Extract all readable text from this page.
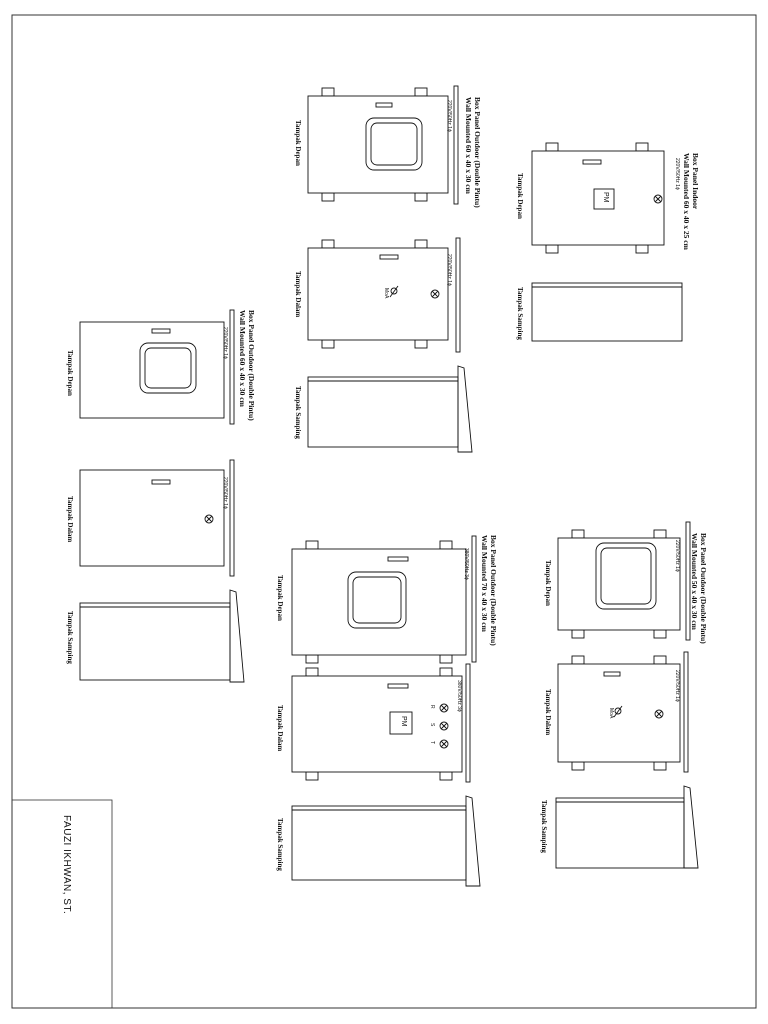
Box Panel Outdoor (Double Pintu)
Wall Mounted 60 x 40 x 30 cm
220V/50Hz 1ϕ
Tampak Depan
Tampak Dalam
220V/50Hz 1ϕ
MoA
Tampak Samping
Box Panel Indoor
Wall Mounted 60 x 40 x 25 cm
220V/50Hz 1ϕ
Tampak Depan	PM
Tampak Samping
Box Panel Outdoor (Double Pintu)
Wall Mounted 60 x 40 x 30 cm
220V/50Hz 1ϕ
Tampak Depan
220V/50Hz 1ϕ
Tampak Dalam
Tampak Samping	Box Panel Outdoor (Double Pintu)
Wall Mounted 70 x 40 x 30 cm
380V/50Hz 3ϕ
Tampak Depan
380V/50Hz 3ϕ
Tampak Dalam	PM
R
S
T
Tampak Samping
Box Panel Outdoor (Double Pintu)
Wall Mounted 50 x 40 x 30 cm
220V/50Hz 1ϕ
Tampak Depan
220V/50Hz 1ϕ
Tampak Dalam	MoA
Tampak Samping
FAUZI IKHWAN, ST.
